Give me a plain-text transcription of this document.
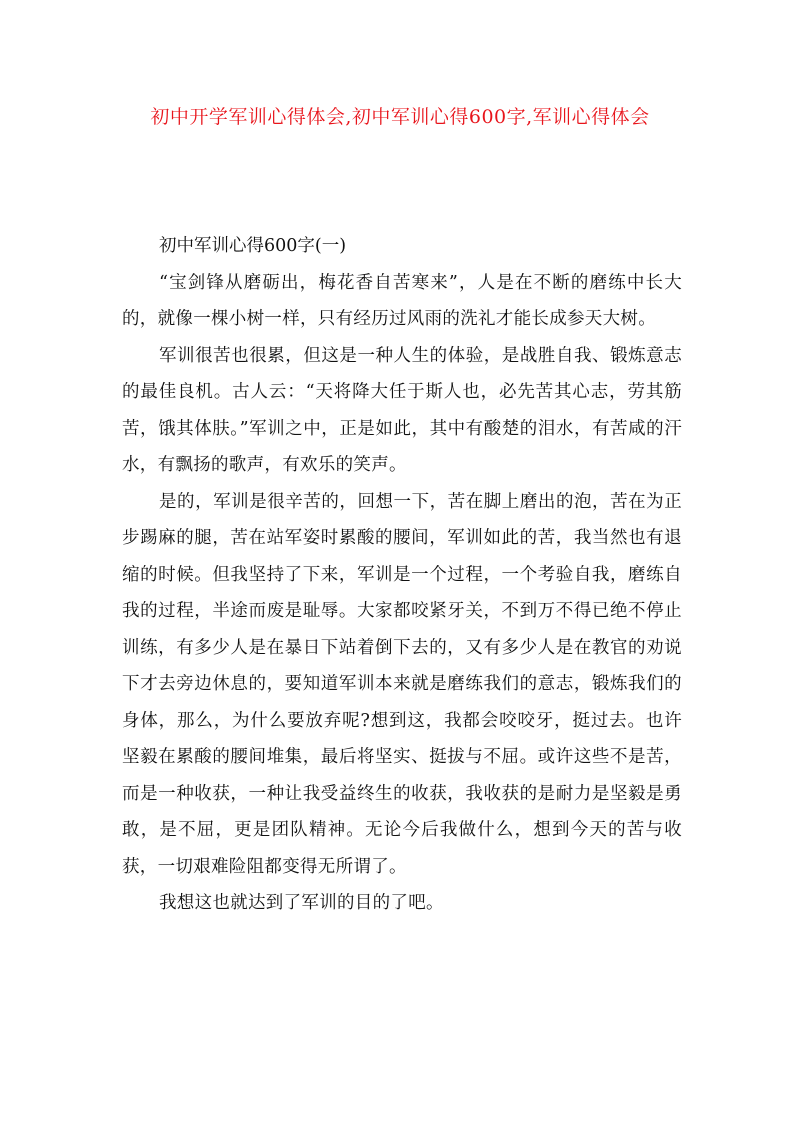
初中开学军训心得体会,初中军训心得600字,军训心得体会
初中军训心得600字(一)

“宝剑锋从磨砺出，梅花香自苦寒来”，人是在不断的磨练中长大的，就像一棵小树一样，只有经历过风雨的洗礼才能长成参天大树。

军训很苦也很累，但这是一种人生的体验，是战胜自我、锻炼意志的最佳良机。古人云：“天将降大任于斯人也，必先苦其心志，劳其筋苦，饿其体肤。”军训之中，正是如此，其中有酸楚的泪水，有苦咸的汗水，有飘扬的歌声，有欢乐的笑声。

是的，军训是很辛苦的，回想一下，苦在脚上磨出的泡，苦在为正步踢麻的腿，苦在站军姿时累酸的腰间，军训如此的苦，我当然也有退缩的时候。但我坚持了下来，军训是一个过程，一个考验自我，磨练自我的过程，半途而废是耻辱。大家都咬紧牙关，不到万不得已绝不停止训练，有多少人是在暴日下站着倒下去的，又有多少人是在教官的劝说下才去旁边休息的，要知道军训本来就是磨练我们的意志，锻炼我们的身体，那么，为什么要放弃呢?想到这，我都会咬咬牙，挺过去。也许坚毅在累酸的腰间堆集，最后将坚实、挺拔与不屈。或许这些不是苦，而是一种收获，一种让我受益终生的收获，我收获的是耐力是坚毅是勇敢，是不屈，更是团队精神。无论今后我做什么，想到今天的苦与收获，一切艰难险阻都变得无所谓了。

我想这也就达到了军训的目的了吧。
